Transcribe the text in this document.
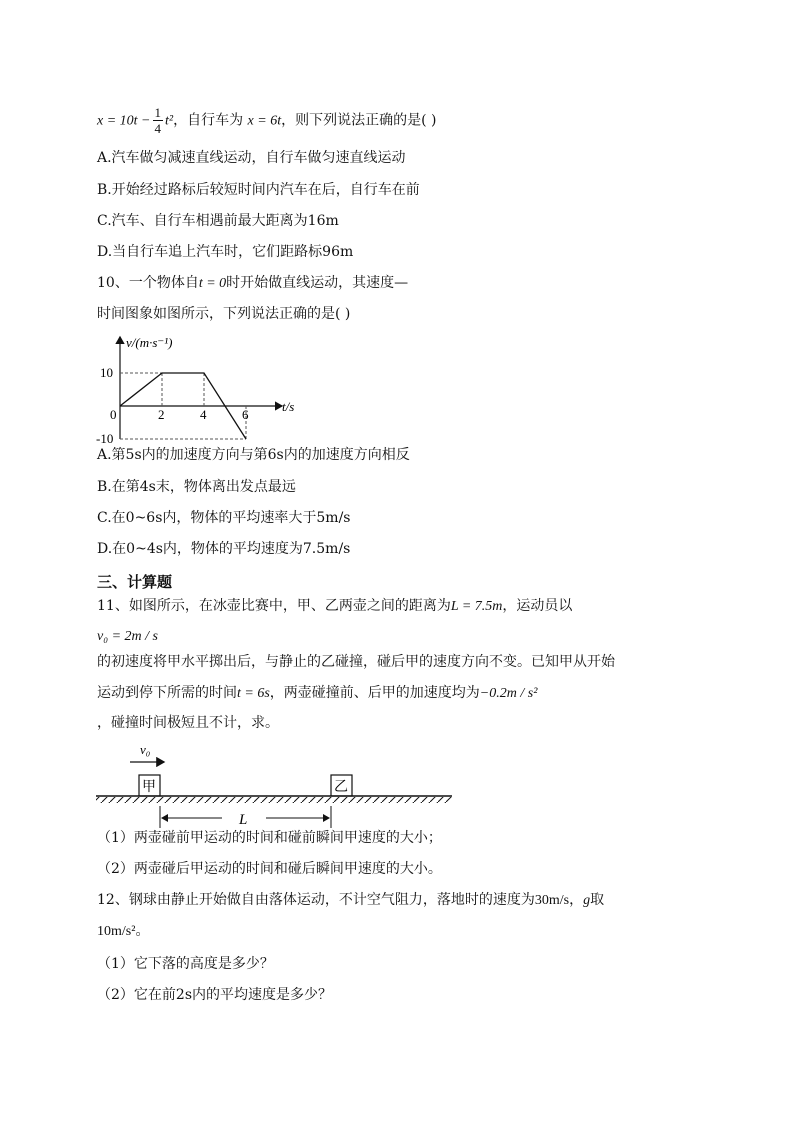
$x = 10t - \frac{1}{4} t^2$，自行车为 x = 6t，则下列说法正确的是( )
A.汽车做匀减速直线运动，自行车做匀速直线运动
B.开始经过路标后较短时间内汽车在后，自行车在前
C.汽车、自行车相遇前最大距离为16m
D.当自行车追上汽车时，它们距路标96m
10、一个物体自t = 0时开始做直线运动，其速度—
时间图象如图所示，下列说法正确的是( )
v/(m·s⁻¹)
t/s
10
0
-10
2	4	6
A.第5s内的加速度方向与第6s内的加速度方向相反
B.在第4s末，物体离出发点最远
C.在0~6s内，物体的平均速率大于5m/s
D.在0~4s内，物体的平均速度为7.5m/s
三、计算题
11、如图所示，在冰壶比赛中，甲、乙两壶之间的距离为L = 7.5m，运动员以
v₀ = 2m / s
的初速度将甲水平掷出后，与静止的乙碰撞，碰后甲的速度方向不变。已知甲从开始
运动到停下所需的时间t = 6s，两壶碰撞前、后甲的加速度均为−0.2m / s²
，碰撞时间极短且不计，求。
v₀
甲	乙
L
（1）两壶碰前甲运动的时间和碰前瞬间甲速度的大小；
（2）两壶碰后甲运动的时间和碰后瞬间甲速度的大小。
12、钢球由静止开始做自由落体运动，不计空气阻力，落地时的速度为30m/s，g取
10m/s²。
（1）它下落的高度是多少？
（2）它在前2s内的平均速度是多少？
